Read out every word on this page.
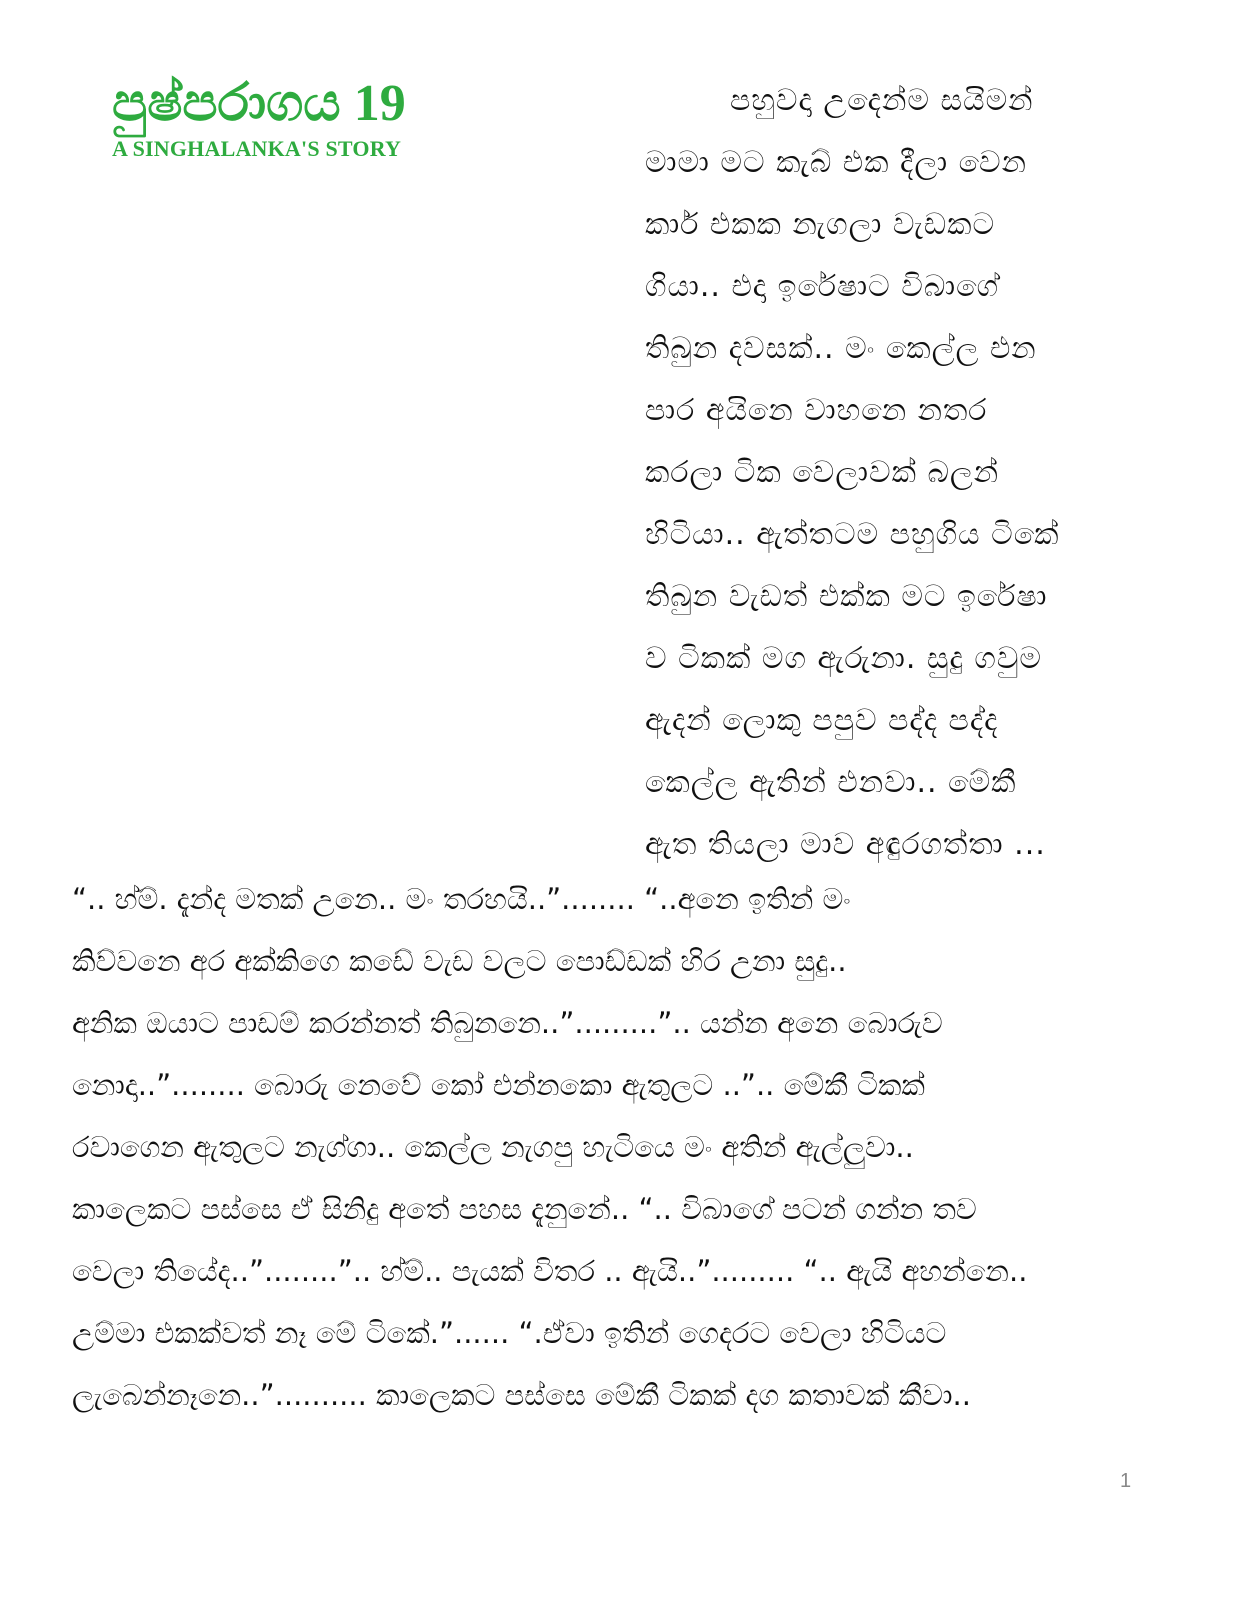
පුෂ්පරාගය 19
A SINGHALANKA'S STORY
පහුවදා උදෙන්ම සයිමන්
මාමා මට කැබ් එක දීලා වෙන
කාර් එකක නැගලා වැඩකට
ගියා.. එදා ඉරේෂාට විබාගේ
තිබුන දවසක්.. මං කෙල්ල එන
පාර අයිනෙ වාහනෙ නතර
කරලා ටික වෙලාවක් බලන්
හිටියා.. ඇත්තටම පහුගිය ටිකේ
තිබුන වැඩත් එක්ක මට ඉරේෂා
ව ටිකක් මග ඇරුනා. සුදු ගවුම
ඇදන් ලොකු පපුව පද්ද පද්ද
කෙල්ල ඇතින් එනවා.. මේකී
ඇත තියලා මාව අඳුරගත්තා ...
“.. හ්ම්. දැන්ද මතක් උනෙ.. මං තරහයි..”........ “..අනෙ ඉතින් මං
කිව්වනෙ අර අක්කිගෙ කඩේ වැඩ වලට පොඩ්ඩක් හිර උනා සුදු..
අනික ඔයාට පාඩම් කරන්නත් තිබුනනෙ..”.........”.. යන්න අනෙ බොරුව
නොදා..”........ බොරු නෙවේ කෝ එන්නකො ඇතුලට ..”.. මේකී ටිකක්
රවාගෙන ඇතුලට නැග්ගා.. කෙල්ල නැගපු හැටියෙ මං අතින් ඇල්ලුවා..
කාලෙකට පස්සෙ ඒ සිනිදු අතේ පහස දැනුනේ.. “.. විබාගේ පටන් ගන්න තව
වෙලා තියේද..”........”.. හ්ම්.. පැයක් විතර .. ඇයි..”......... “.. ඇයි අහන්නෙ..
උම්මා එකක්වත් නෑ මේ ටිකේ.”...... “.ඒවා ඉතින් ගෙදරට වෙලා හිටියට
ලැබෙන්නෑනෙ..”.......... කාලෙකට පස්සෙ මේකී ටිකක් දග කතාවක් කීවා..
1
